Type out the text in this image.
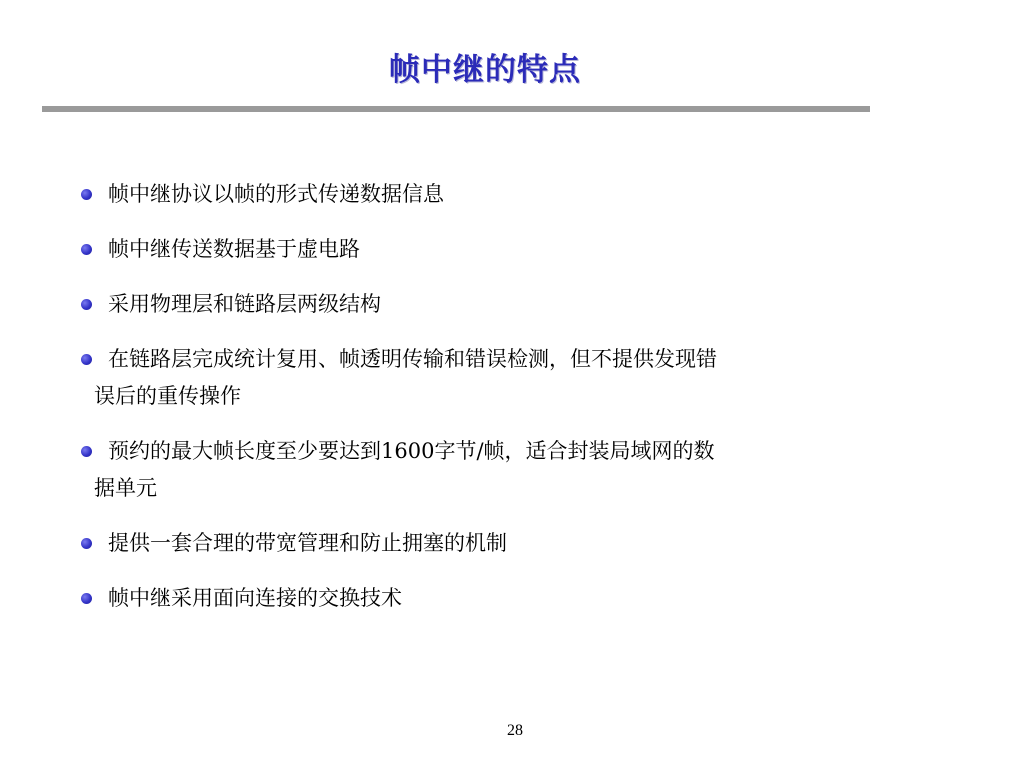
帧中继的特点
帧中继协议以帧的形式传递数据信息
帧中继传送数据基于虚电路
采用物理层和链路层两级结构
在链路层完成统计复用、帧透明传输和错误检测，但不提供发现错
误后的重传操作
预约的最大帧长度至少要达到1600字节/帧，适合封装局域网的数
据单元
提供一套合理的带宽管理和防止拥塞的机制
帧中继采用面向连接的交换技术
28
